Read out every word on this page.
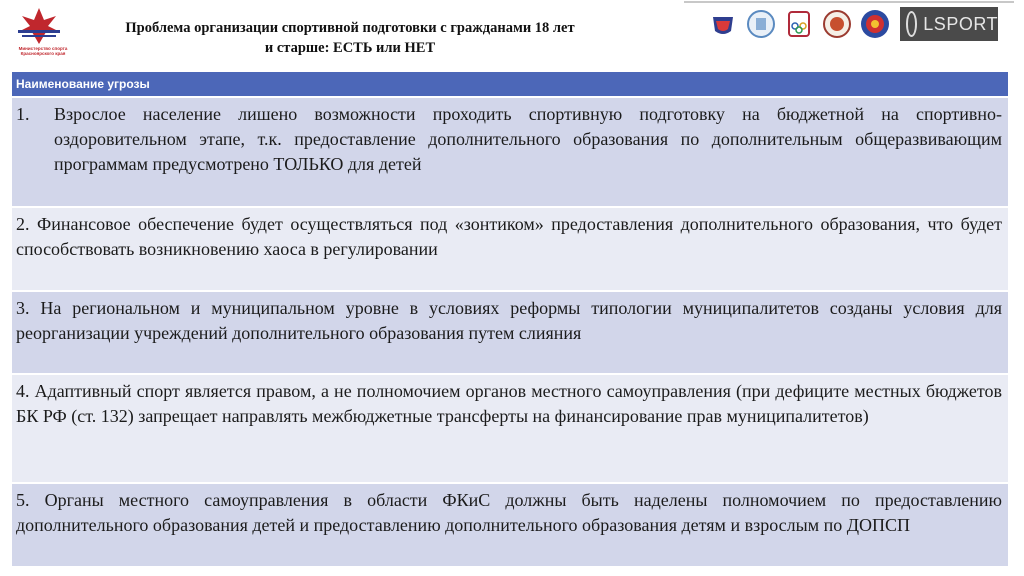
Министерство спорта Красноярского края
Проблема организации спортивной подготовки с гражданами 18 лет
и старше: ЕСТЬ или НЕТ
LSPORT
Наименование угрозы
1.	Взрослое население лишено возможности проходить спортивную подготовку на бюджетной на спортивно-оздоровительном этапе, т.к. предоставление дополнительного образования по дополнительным общеразвивающим программам предусмотрено ТОЛЬКО для детей
2. Финансовое обеспечение будет осуществляться под «зонтиком» предоставления дополнительного образования, что будет способствовать возникновению хаоса в регулировании
3. На региональном и муниципальном уровне в условиях реформы типологии муниципалитетов созданы условия для реорганизации учреждений дополнительного образования путем слияния
4. Адаптивный спорт является правом, а не полномочием органов местного самоуправления (при дефиците местных бюджетов БК РФ (ст. 132) запрещает направлять межбюджетные трансферты на финансирование прав муниципалитетов)
5. Органы местного самоуправления в области ФКиС должны быть наделены полномочием по предоставлению дополнительного образования детей и предоставлению дополнительного образования детям и взрослым по ДОПСП
